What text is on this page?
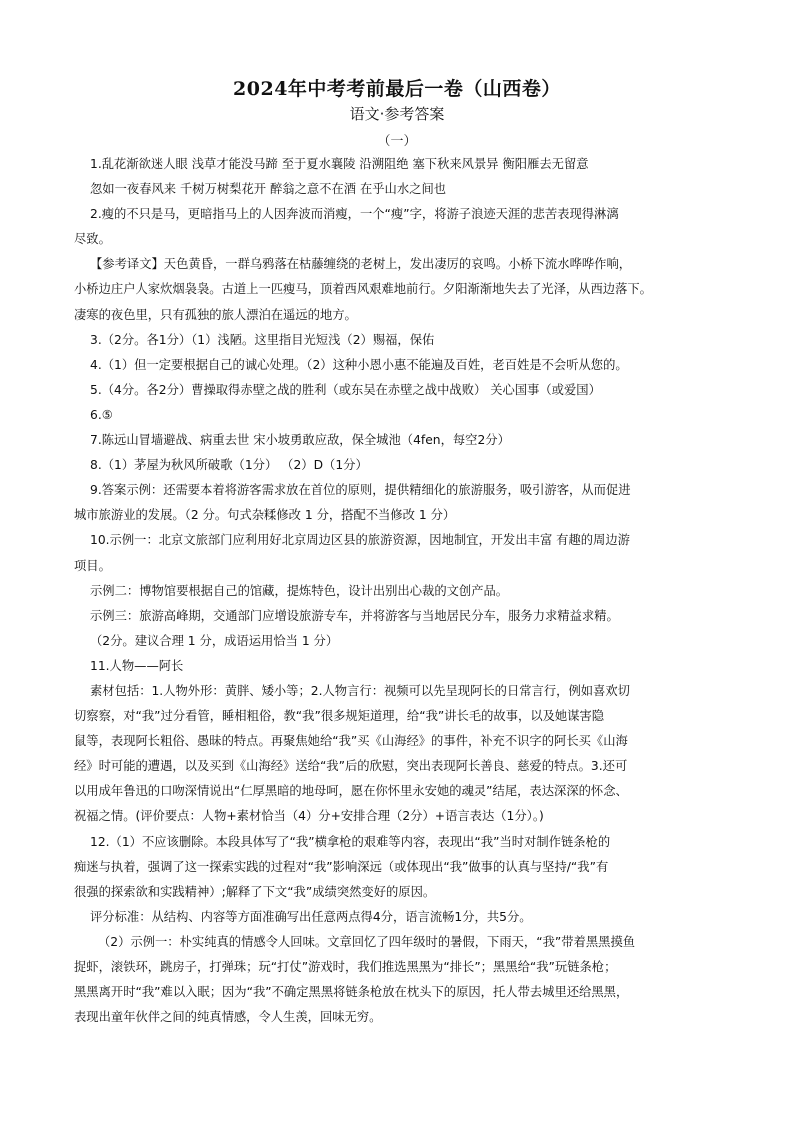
2024年中考考前最后一卷（山西卷）
语文·参考答案
（一）
1.乱花渐欲迷人眼 浅草才能没马蹄 至于夏水襄陵 沿溯阻绝 塞下秋来风景异 衡阳雁去无留意
忽如一夜春风来 千树万树梨花开 醉翁之意不在酒 在乎山水之间也
2.瘦的不只是马，更暗指马上的人因奔波而消瘦，一个“瘦”字，将游子浪迹天涯的悲苦表现得淋漓
尽致。
【参考译文】天色黄昏，一群乌鸦落在枯藤缠绕的老树上，发出凄厉的哀鸣。小桥下流水哗哗作响，
小桥边庄户人家炊烟袅袅。古道上一匹瘦马，顶着西风艰难地前行。夕阳渐渐地失去了光泽，从西边落下。
凄寒的夜色里，只有孤独的旅人漂泊在遥远的地方。
3.（2分。各1分）（1）浅陋。这里指目光短浅（2）赐福，保佑
4.（1）但一定要根据自己的诚心处理。（2）这种小恩小惠不能遍及百姓，老百姓是不会听从您的。
5.（4分。各2分）曹操取得赤壁之战的胜利（或东吴在赤壁之战中战败） 关心国事（或爱国）
6.⑤
7.陈远山冒墙避战、病重去世 宋小坡勇敢应敌，保全城池（4fen，每空2分）
8.（1）茅屋为秋风所破歌（1分） （2）D（1分）
9.答案示例：还需要本着将游客需求放在首位的原则，提供精细化的旅游服务，吸引游客，从而促进
城市旅游业的发展。（2 分。句式杂糅修改 1 分，搭配不当修改 1 分）
10.示例一：北京文旅部门应利用好北京周边区县的旅游资源，因地制宜，开发出丰富 有趣的周边游
项目。
示例二：博物馆要根据自己的馆藏，提炼特色，设计出别出心裁的文创产品。
示例三：旅游高峰期，交通部门应增设旅游专车，并将游客与当地居民分车，服务力求精益求精。
（2分。建议合理 1 分，成语运用恰当 1 分）
11.人物——阿长
素材包括：1.人物外形：黄胖、矮小等；2.人物言行：视频可以先呈现阿长的日常言行，例如喜欢切
切察察，对“我”过分看管，睡相粗俗，教“我”很多规矩道理，给“我”讲长毛的故事，以及她谋害隐
鼠等，表现阿长粗俗、愚昧的特点。再聚焦她给“我”买《山海经》的事件，补充不识字的阿长买《山海
经》时可能的遭遇，以及买到《山海经》送给“我”后的欣慰，突出表现阿长善良、慈爱的特点。3.还可
以用成年鲁迅的口吻深情说出“仁厚黑暗的地母呵，愿在你怀里永安她的魂灵”结尾，表达深深的怀念、
祝福之情。(评价要点：人物+素材恰当（4）分+安排合理（2分）+语言表达（1分）。)
12.（1）不应该删除。本段具体写了“我”横拿枪的艰难等内容，表现出“我”当时对制作链条枪的
痴迷与执着，强调了这一探索实践的过程对“我”影响深远（或体现出“我”做事的认真与坚持/“我”有
很强的探索欲和实践精神）;解释了下文“我”成绩突然变好的原因。
评分标准：从结构、内容等方面准确写出任意两点得4分，语言流畅1分，共5分。
（2）示例一：朴实纯真的情感令人回味。文章回忆了四年级时的暑假，下雨天，“我”带着黑黑摸鱼
捉虾，滚铁环，跳房子，打弹珠；玩“打仗”游戏时，我们推选黑黑为“排长”；黑黑给“我”玩链条枪；
黑黑离开时“我”难以入眠；因为“我”不确定黑黑将链条枪放在枕头下的原因，托人带去城里还给黑黑，
表现出童年伙伴之间的纯真情感，令人生羡，回味无穷。
